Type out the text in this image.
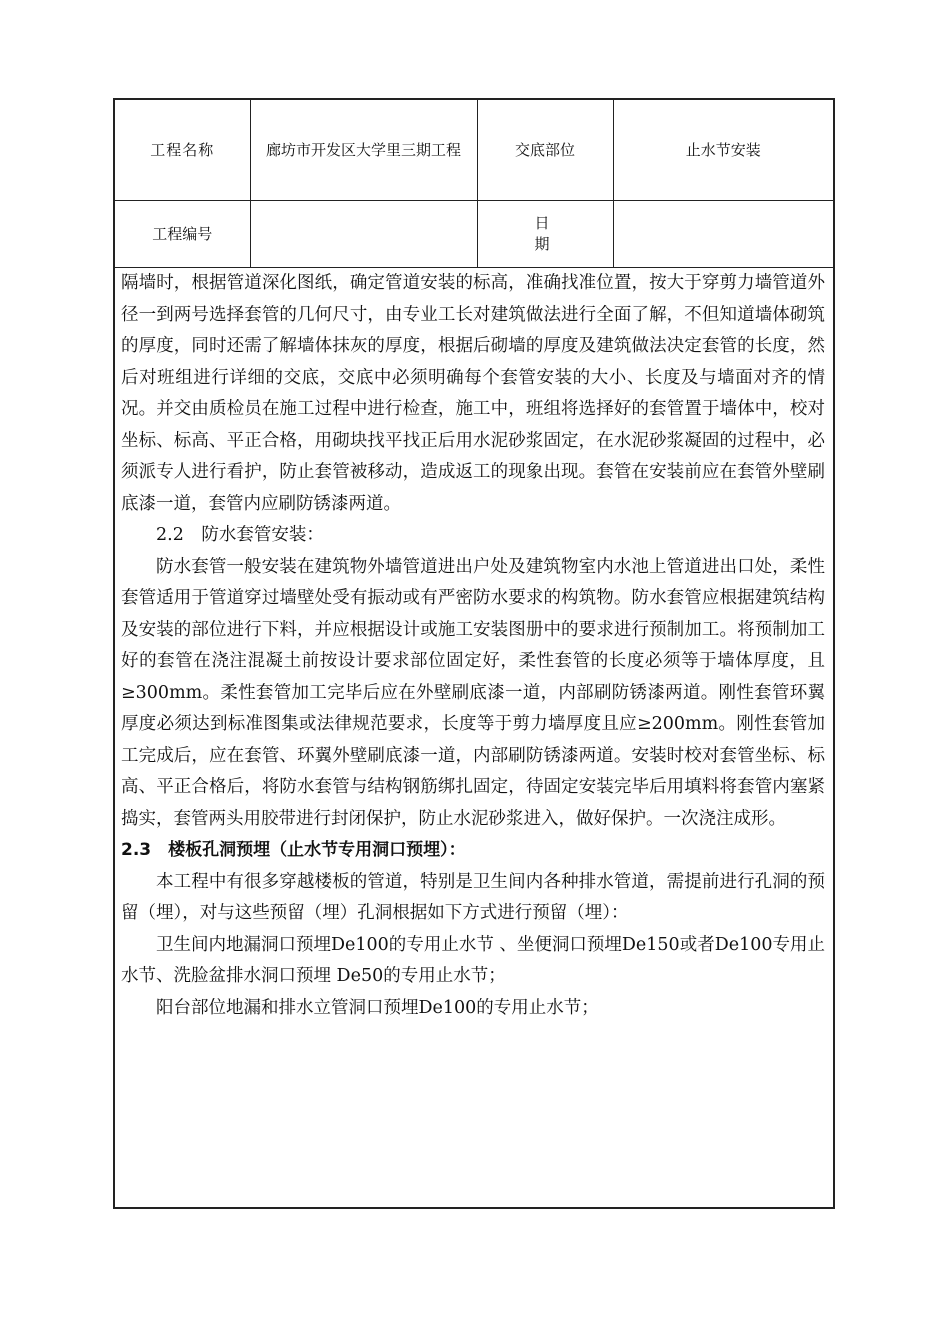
工程名称	廊坊市开发区大学里三期工程	交底部位	止水节安装
工程编号		日期	

隔墙时，根据管道深化图纸，确定管道安装的标高，准确找准位置，按大于穿剪力墙管道外径一到两号选择套管的几何尺寸，由专业工长对建筑做法进行全面了解，不但知道墙体砌筑的厚度，同时还需了解墙体抹灰的厚度，根据后砌墙的厚度及建筑做法决定套管的长度，然后对班组进行详细的交底，交底中必须明确每个套管安装的大小、长度及与墙面对齐的情况。并交由质检员在施工过程中进行检查，施工中，班组将选择好的套管置于墙体中，校对坐标、标高、平正合格，用砌块找平找正后用水泥砂浆固定，在水泥砂浆凝固的过程中，必须派专人进行看护，防止套管被移动，造成返工的现象出现。套管在安装前应在套管外壁刷底漆一道，套管内应刷防锈漆两道。

2.2　防水套管安装：

防水套管一般安装在建筑物外墙管道进出户处及建筑物室内水池上管道进出口处，柔性套管适用于管道穿过墙壁处受有振动或有严密防水要求的构筑物。防水套管应根据建筑结构及安装的部位进行下料，并应根据设计或施工安装图册中的要求进行预制加工。将预制加工好的套管在浇注混凝土前按设计要求部位固定好，柔性套管的长度必须等于墙体厚度，且≥300mm。柔性套管加工完毕后应在外壁刷底漆一道，内部刷防锈漆两道。刚性套管环翼厚度必须达到标准图集或法律规范要求，长度等于剪力墙厚度且应≥200mm。刚性套管加工完成后，应在套管、环翼外壁刷底漆一道，内部刷防锈漆两道。安装时校对套管坐标、标高、平正合格后，将防水套管与结构钢筋绑扎固定，待固定安装完毕后用填料将套管内塞紧捣实，套管两头用胶带进行封闭保护，防止水泥砂浆进入，做好保护。一次浇注成形。

2.3　楼板孔洞预埋（止水节专用洞口预埋）：

本工程中有很多穿越楼板的管道，特别是卫生间内各种排水管道，需提前进行孔洞的预留（埋），对与这些预留（埋）孔洞根据如下方式进行预留（埋）：

卫生间内地漏洞口预埋De100的专用止水节 、坐便洞口预埋De150或者De100专用止水节、洗脸盆排水洞口预埋 De50的专用止水节；

阳台部位地漏和排水立管洞口预埋De100的专用止水节；
